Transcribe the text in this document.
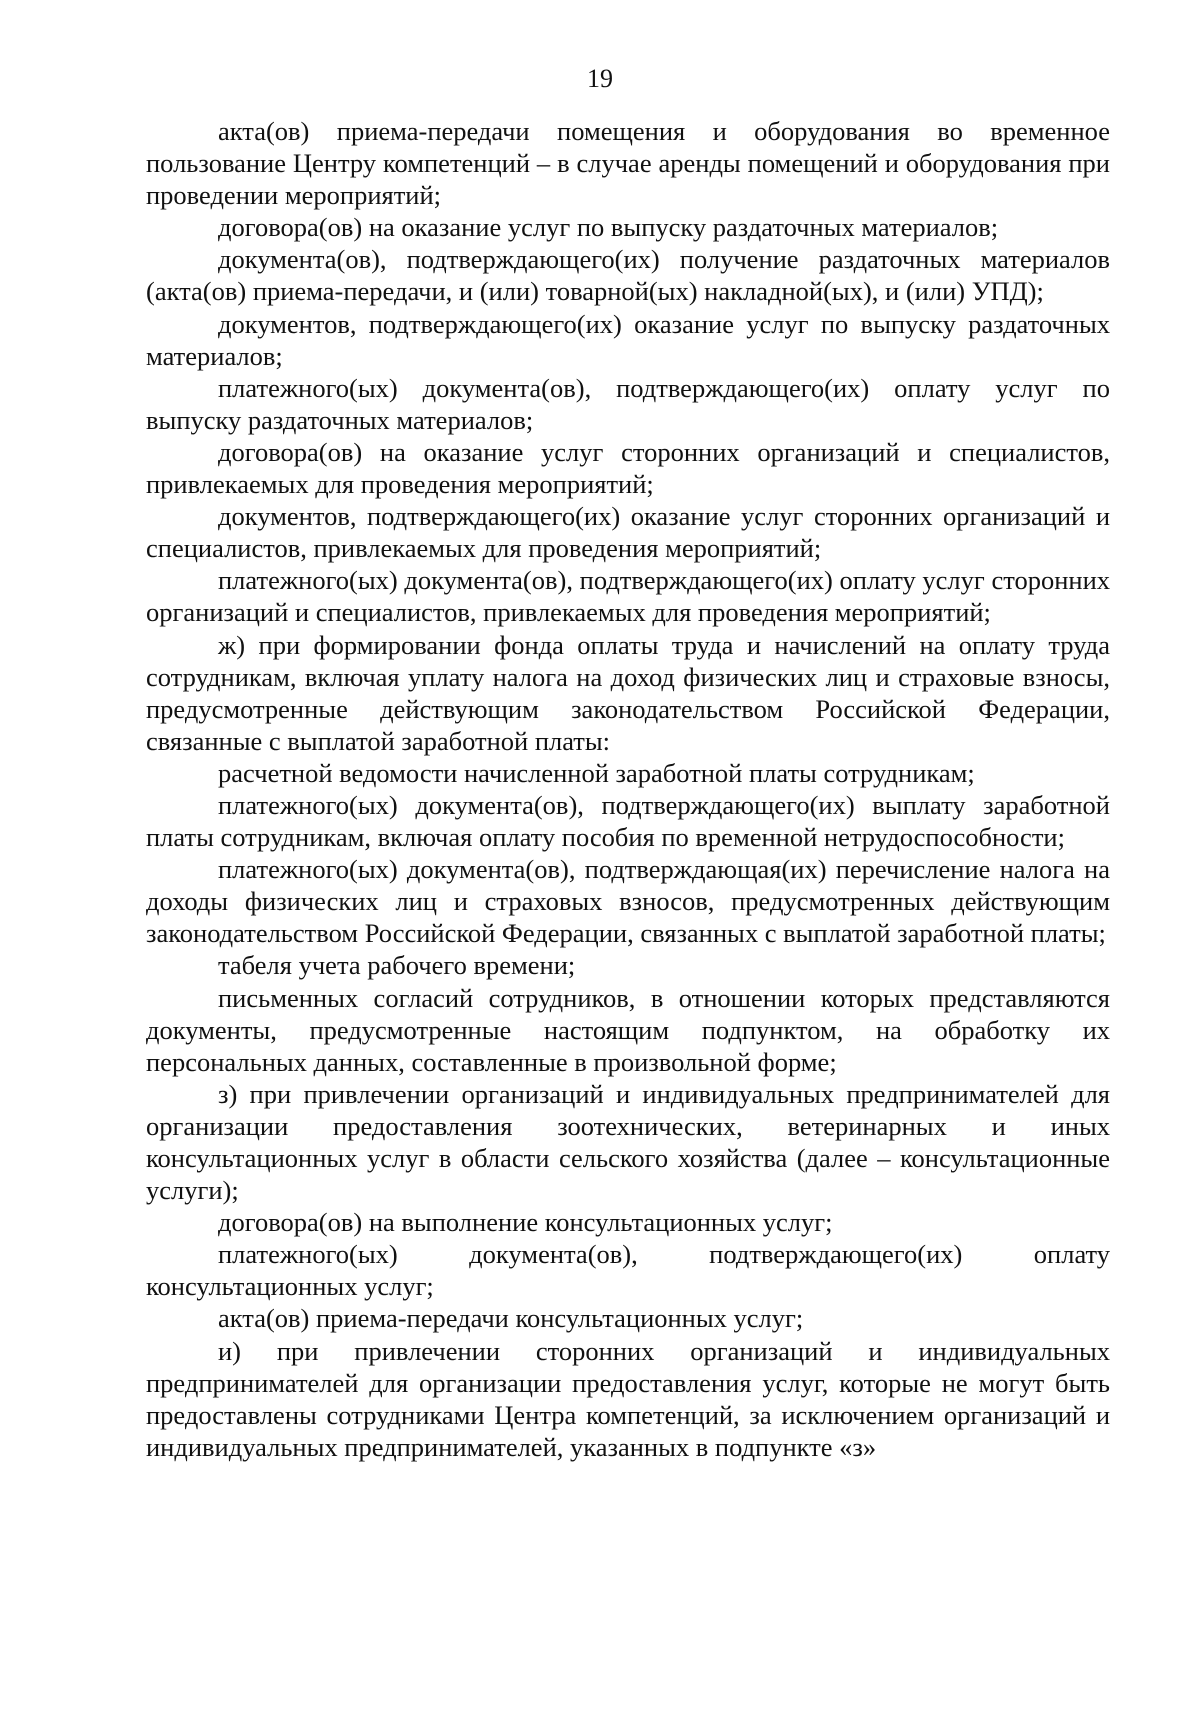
19

акта(ов) приема-передачи помещения и оборудования во временное пользование Центру компетенций – в случае аренды помещений и оборудования при проведении мероприятий;

договора(ов) на оказание услуг по выпуску раздаточных материалов;

документа(ов), подтверждающего(их) получение раздаточных материалов (акта(ов) приема-передачи, и (или) товарной(ых) накладной(ых), и (или) УПД);

документов, подтверждающего(их) оказание услуг по выпуску раздаточных материалов;

платежного(ых) документа(ов), подтверждающего(их) оплату услуг по выпуску раздаточных материалов;

договора(ов) на оказание услуг сторонних организаций и специалистов, привлекаемых для проведения мероприятий;

документов, подтверждающего(их) оказание услуг сторонних организаций и специалистов, привлекаемых для проведения мероприятий;

платежного(ых) документа(ов), подтверждающего(их) оплату услуг сторонних организаций и специалистов, привлекаемых для проведения мероприятий;

ж) при формировании фонда оплаты труда и начислений на оплату труда сотрудникам, включая уплату налога на доход физических лиц и страховые взносы, предусмотренные действующим законодательством Российской Федерации, связанные с выплатой заработной платы:

расчетной ведомости начисленной заработной платы сотрудникам;

платежного(ых) документа(ов), подтверждающего(их) выплату заработной платы сотрудникам, включая оплату пособия по временной нетрудоспособности;

платежного(ых) документа(ов), подтверждающая(их) перечисление налога на доходы физических лиц и страховых взносов, предусмотренных действующим законодательством Российской Федерации, связанных с выплатой заработной платы;

табеля учета рабочего времени;

письменных согласий сотрудников, в отношении которых представляются документы, предусмотренные настоящим подпунктом, на обработку их персональных данных, составленные в произвольной форме;

з) при привлечении организаций и индивидуальных предпринимателей для организации предоставления зоотехнических, ветеринарных и иных консультационных услуг в области сельского хозяйства (далее – консультационные услуги);

договора(ов) на выполнение консультационных услуг;

платежного(ых) документа(ов), подтверждающего(их) оплату консультационных услуг;

акта(ов) приема-передачи консультационных услуг;

и) при привлечении сторонних организаций и индивидуальных предпринимателей для организации предоставления услуг, которые не могут быть предоставлены сотрудниками Центра компетенций, за исключением организаций и индивидуальных предпринимателей, указанных в подпункте «з»
